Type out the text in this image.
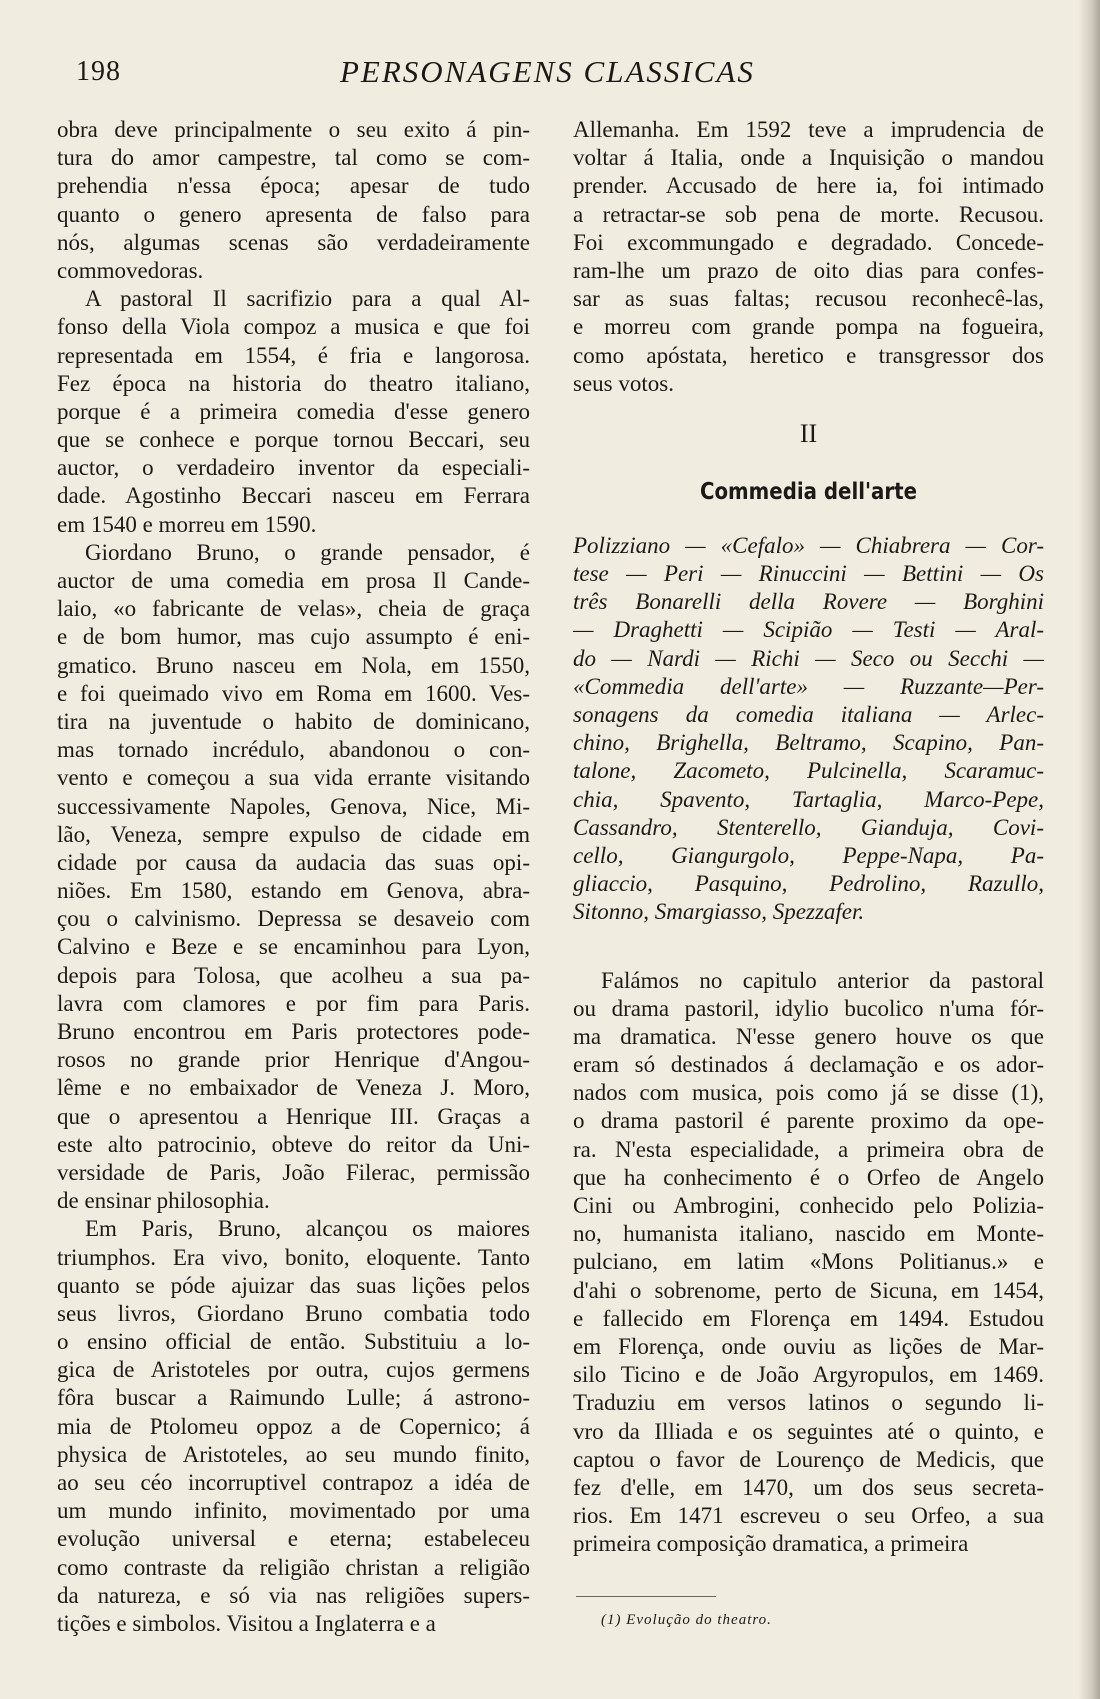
198	PERSONAGENS CLASSICAS
obra deve principalmente o seu exito á pin-
tura do amor campestre, tal como se com-
prehendia n'essa época; apesar de tudo
quanto o genero apresenta de falso para
nós, algumas scenas são verdadeiramente
commovedoras.
A pastoral Il sacrifizio para a qual Al-
fonso della Viola compoz a musica e que foi
representada em 1554, é fria e langorosa.
Fez época na historia do theatro italiano,
porque é a primeira comedia d'esse genero
que se conhece e porque tornou Beccari, seu
auctor, o verdadeiro inventor da especiali-
dade. Agostinho Beccari nasceu em Ferrara
em 1540 e morreu em 1590.
Giordano Bruno, o grande pensador, é
auctor de uma comedia em prosa Il Cande-
laio, «o fabricante de velas», cheia de graça
e de bom humor, mas cujo assumpto é eni-
gmatico. Bruno nasceu em Nola, em 1550,
e foi queimado vivo em Roma em 1600. Ves-
tira na juventude o habito de dominicano,
mas tornado incrédulo, abandonou o con-
vento e começou a sua vida errante visitando
successivamente Napoles, Genova, Nice, Mi-
lão, Veneza, sempre expulso de cidade em
cidade por causa da audacia das suas opi-
niões. Em 1580, estando em Genova, abra-
çou o calvinismo. Depressa se desaveio com
Calvino e Beze e se encaminhou para Lyon,
depois para Tolosa, que acolheu a sua pa-
lavra com clamores e por fim para Paris.
Bruno encontrou em Paris protectores pode-
rosos no grande prior Henrique d'Angou-
lême e no embaixador de Veneza J. Moro,
que o apresentou a Henrique III. Graças a
este alto patrocinio, obteve do reitor da Uni-
versidade de Paris, João Filerac, permissão
de ensinar philosophia.
Em Paris, Bruno, alcançou os maiores
triumphos. Era vivo, bonito, eloquente. Tanto
quanto se póde ajuizar das suas lições pelos
seus livros, Giordano Bruno combatia todo
o ensino official de então. Substituiu a lo-
gica de Aristoteles por outra, cujos germens
fôra buscar a Raimundo Lulle; á astrono-
mia de Ptolomeu oppoz a de Copernico; á
physica de Aristoteles, ao seu mundo finito,
ao seu céo incorruptivel contrapoz a idéa de
um mundo infinito, movimentado por uma
evolução universal e eterna; estabeleceu
como contraste da religião christan a religião
da natureza, e só via nas religiões supers-
tições e simbolos. Visitou a Inglaterra e a
Allemanha. Em 1592 teve a imprudencia de
voltar á Italia, onde a Inquisição o mandou
prender. Accusado de here ia, foi intimado
a retractar-se sob pena de morte. Recusou.
Foi excommungado e degradado. Concede-
ram-lhe um prazo de oito dias para confes-
sar as suas faltas; recusou reconhecê-las,
e morreu com grande pompa na fogueira,
como apóstata, heretico e transgressor dos
seus votos.
II
Commedia dell'arte
Polizziano — «Cefalo» — Chiabrera — Cor-
tese — Peri — Rinuccini — Bettini — Os
três Bonarelli della Rovere — Borghini
— Draghetti — Scipião — Testi — Aral-
do — Nardi — Richi — Seco ou Secchi —
«Commedia dell'arte» — Ruzzante—Per-
sonagens da comedia italiana — Arlec-
chino, Brighella, Beltramo, Scapino, Pan-
talone, Zacometo, Pulcinella, Scaramuc-
chia, Spavento, Tartaglia, Marco-Pepe,
Cassandro, Stenterello, Gianduja, Covi-
cello, Giangurgolo, Peppe-Napa, Pa-
gliaccio, Pasquino, Pedrolino, Razullo,
Sitonno, Smargiasso, Spezzafer.
Falámos no capitulo anterior da pastoral
ou drama pastoril, idylio bucolico n'uma fór-
ma dramatica. N'esse genero houve os que
eram só destinados á declamação e os ador-
nados com musica, pois como já se disse (1),
o drama pastoril é parente proximo da ope-
ra. N'esta especialidade, a primeira obra de
que ha conhecimento é o Orfeo de Angelo
Cini ou Ambrogini, conhecido pelo Polizia-
no, humanista italiano, nascido em Monte-
pulciano, em latim «Mons Politianus.» e
d'ahi o sobrenome, perto de Sicuna, em 1454,
e fallecido em Florença em 1494. Estudou
em Florença, onde ouviu as lições de Mar-
silo Ticino e de João Argyropulos, em 1469.
Traduziu em versos latinos o segundo li-
vro da Illiada e os seguintes até o quinto, e
captou o favor de Lourenço de Medicis, que
fez d'elle, em 1470, um dos seus secreta-
rios. Em 1471 escreveu o seu Orfeo, a sua
primeira composição dramatica, a primeira
(1) Evolução do theatro.
